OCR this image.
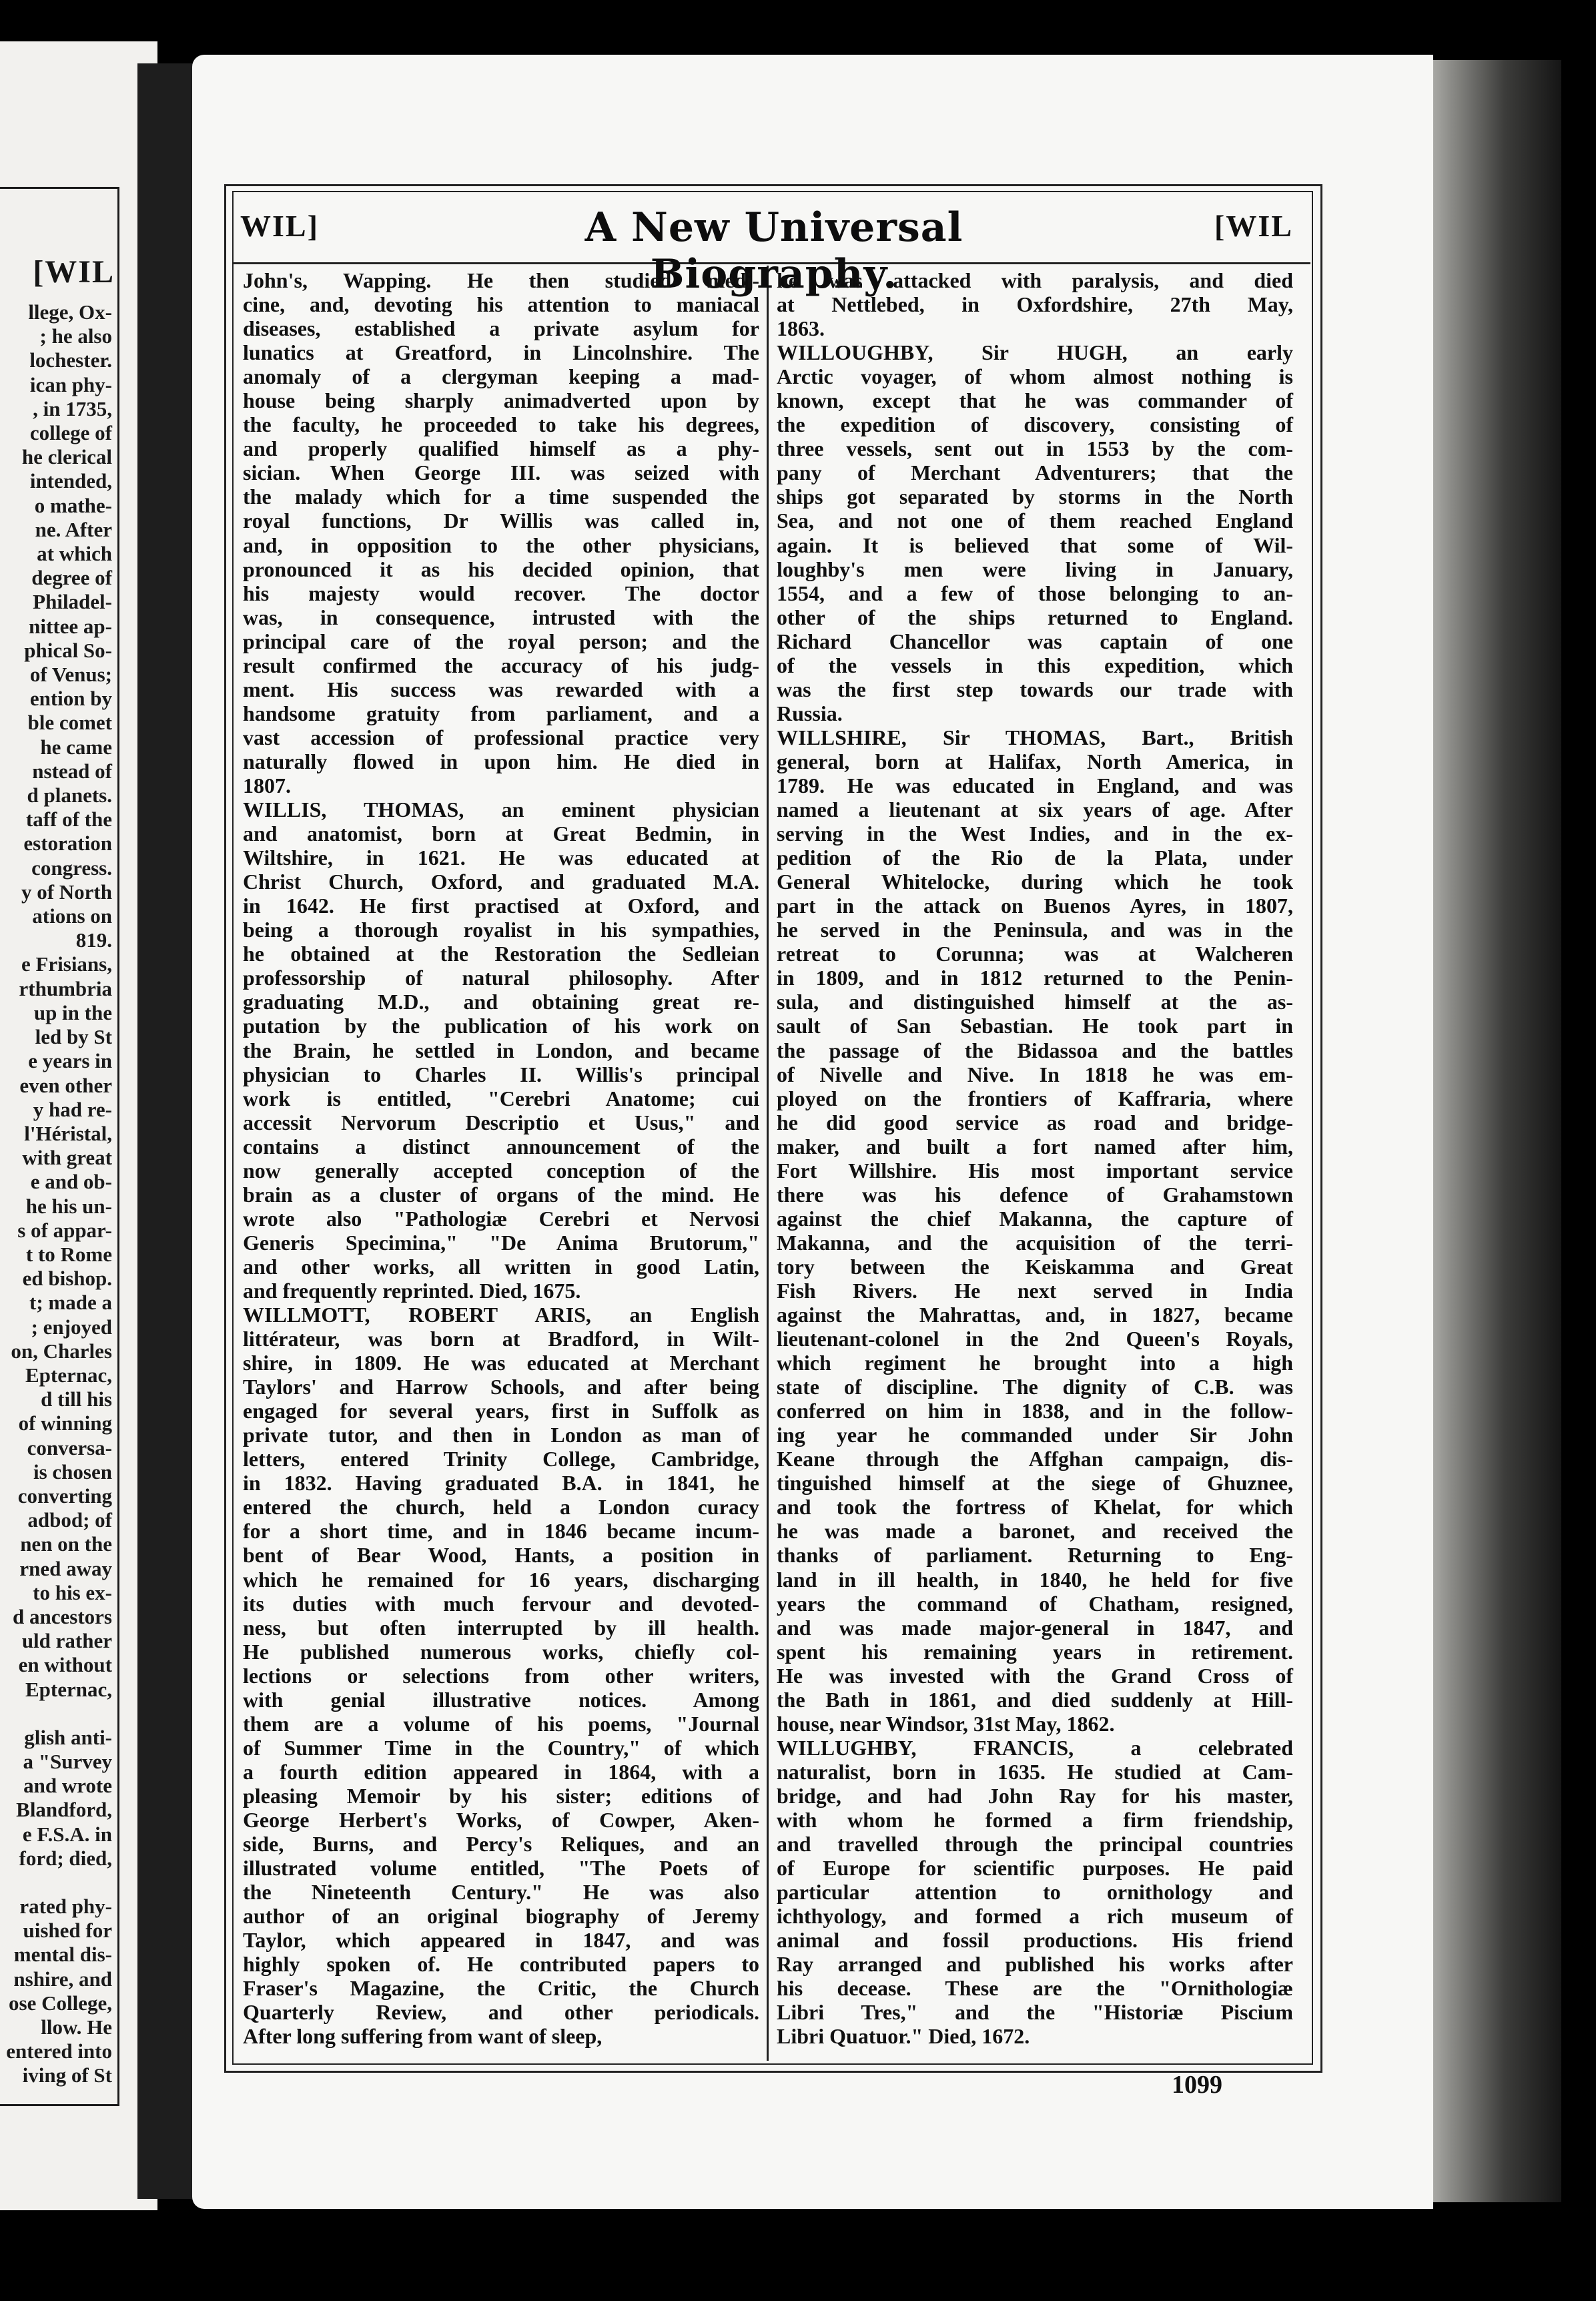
[WIL
llege, Ox-
; he also
lochester.
ican phy-
, in 1735,
college of
he clerical
intended,
o mathe-
ne. After
at which
degree of
Philadel-
nittee ap-
phical So-
of Venus;
ention by
ble comet
he came
nstead of
d planets.
taff of the
estoration
congress.
y of North
ations on
819.
e Frisians,
rthumbria
up in the
led by St
e years in
even other
y had re-
l'Héristal,
with great
e and ob-
he his un-
s of appar-
t to Rome
ed bishop.
t; made a
; enjoyed
on, Charles
Epternac,
d till his
of winning
conversa-
is chosen
converting
adbod; of
nen on the
rned away
to his ex-
d ancestors
uld rather
en without
Epternac,
glish anti-
a "Survey
and wrote
Blandford,
e F.S.A. in
ford; died,
rated phy-
uished for
mental dis-
nshire, and
ose College,
llow. He
entered into
iving of St
WIL]	A New Universal Biography.
[WIL
John's, Wapping. He then studied medi-
cine, and, devoting his attention to maniacal
diseases, established a private asylum for
lunatics at Greatford, in Lincolnshire. The
anomaly of a clergyman keeping a mad-
house being sharply animadverted upon by
the faculty, he proceeded to take his degrees,
and properly qualified himself as a phy-
sician. When George III. was seized with
the malady which for a time suspended the
royal functions, Dr Willis was called in,
and, in opposition to the other physicians,
pronounced it as his decided opinion, that
his majesty would recover. The doctor
was, in consequence, intrusted with the
principal care of the royal person; and the
result confirmed the accuracy of his judg-
ment. His success was rewarded with a
handsome gratuity from parliament, and a
vast accession of professional practice very
naturally flowed in upon him. He died in
1807.
WILLIS, THOMAS, an eminent physician
and anatomist, born at Great Bedmin, in
Wiltshire, in 1621. He was educated at
Christ Church, Oxford, and graduated M.A.
in 1642. He first practised at Oxford, and
being a thorough royalist in his sympathies,
he obtained at the Restoration the Sedleian
professorship of natural philosophy. After
graduating M.D., and obtaining great re-
putation by the publication of his work on
the Brain, he settled in London, and became
physician to Charles II. Willis's principal
work is entitled, "Cerebri Anatome; cui
accessit Nervorum Descriptio et Usus," and
contains a distinct announcement of the
now generally accepted conception of the
brain as a cluster of organs of the mind. He
wrote also "Pathologiæ Cerebri et Nervosi
Generis Specimina," "De Anima Brutorum,"
and other works, all written in good Latin,
and frequently reprinted. Died, 1675.
WILLMOTT, ROBERT ARIS, an English
littérateur, was born at Bradford, in Wilt-
shire, in 1809. He was educated at Merchant
Taylors' and Harrow Schools, and after being
engaged for several years, first in Suffolk as
private tutor, and then in London as man of
letters, entered Trinity College, Cambridge,
in 1832. Having graduated B.A. in 1841, he
entered the church, held a London curacy
for a short time, and in 1846 became incum-
bent of Bear Wood, Hants, a position in
which he remained for 16 years, discharging
its duties with much fervour and devoted-
ness, but often interrupted by ill health.
He published numerous works, chiefly col-
lections or selections from other writers,
with genial illustrative notices. Among
them are a volume of his poems, "Journal
of Summer Time in the Country," of which
a fourth edition appeared in 1864, with a
pleasing Memoir by his sister; editions of
George Herbert's Works, of Cowper, Aken-
side, Burns, and Percy's Reliques, and an
illustrated volume entitled, "The Poets of
the Nineteenth Century." He was also
author of an original biography of Jeremy
Taylor, which appeared in 1847, and was
highly spoken of. He contributed papers to
Fraser's Magazine, the Critic, the Church
Quarterly Review, and other periodicals.
After long suffering from want of sleep,
he was attacked with paralysis, and died
at Nettlebed, in Oxfordshire, 27th May,
1863.
WILLOUGHBY, Sir HUGH, an early
Arctic voyager, of whom almost nothing is
known, except that he was commander of
the expedition of discovery, consisting of
three vessels, sent out in 1553 by the com-
pany of Merchant Adventurers; that the
ships got separated by storms in the North
Sea, and not one of them reached England
again. It is believed that some of Wil-
loughby's men were living in January,
1554, and a few of those belonging to an-
other of the ships returned to England.
Richard Chancellor was captain of one
of the vessels in this expedition, which
was the first step towards our trade with
Russia.
WILLSHIRE, Sir THOMAS, Bart., British
general, born at Halifax, North America, in
1789. He was educated in England, and was
named a lieutenant at six years of age. After
serving in the West Indies, and in the ex-
pedition of the Rio de la Plata, under
General Whitelocke, during which he took
part in the attack on Buenos Ayres, in 1807,
he served in the Peninsula, and was in the
retreat to Corunna; was at Walcheren
in 1809, and in 1812 returned to the Penin-
sula, and distinguished himself at the as-
sault of San Sebastian. He took part in
the passage of the Bidassoa and the battles
of Nivelle and Nive. In 1818 he was em-
ployed on the frontiers of Kaffraria, where
he did good service as road and bridge-
maker, and built a fort named after him,
Fort Willshire. His most important service
there was his defence of Grahamstown
against the chief Makanna, the capture of
Makanna, and the acquisition of the terri-
tory between the Keiskamma and Great
Fish Rivers. He next served in India
against the Mahrattas, and, in 1827, became
lieutenant-colonel in the 2nd Queen's Royals,
which regiment he brought into a high
state of discipline. The dignity of C.B. was
conferred on him in 1838, and in the follow-
ing year he commanded under Sir John
Keane through the Affghan campaign, dis-
tinguished himself at the siege of Ghuznee,
and took the fortress of Khelat, for which
he was made a baronet, and received the
thanks of parliament. Returning to Eng-
land in ill health, in 1840, he held for five
years the command of Chatham, resigned,
and was made major-general in 1847, and
spent his remaining years in retirement.
He was invested with the Grand Cross of
the Bath in 1861, and died suddenly at Hill-
house, near Windsor, 31st May, 1862.
WILLUGHBY, FRANCIS, a celebrated
naturalist, born in 1635. He studied at Cam-
bridge, and had John Ray for his master,
with whom he formed a firm friendship,
and travelled through the principal countries
of Europe for scientific purposes. He paid
particular attention to ornithology and
ichthyology, and formed a rich museum of
animal and fossil productions. His friend
Ray arranged and published his works after
his decease. These are the "Ornithologiæ
Libri Tres," and the "Historiæ Piscium
Libri Quatuor." Died, 1672.
1099
